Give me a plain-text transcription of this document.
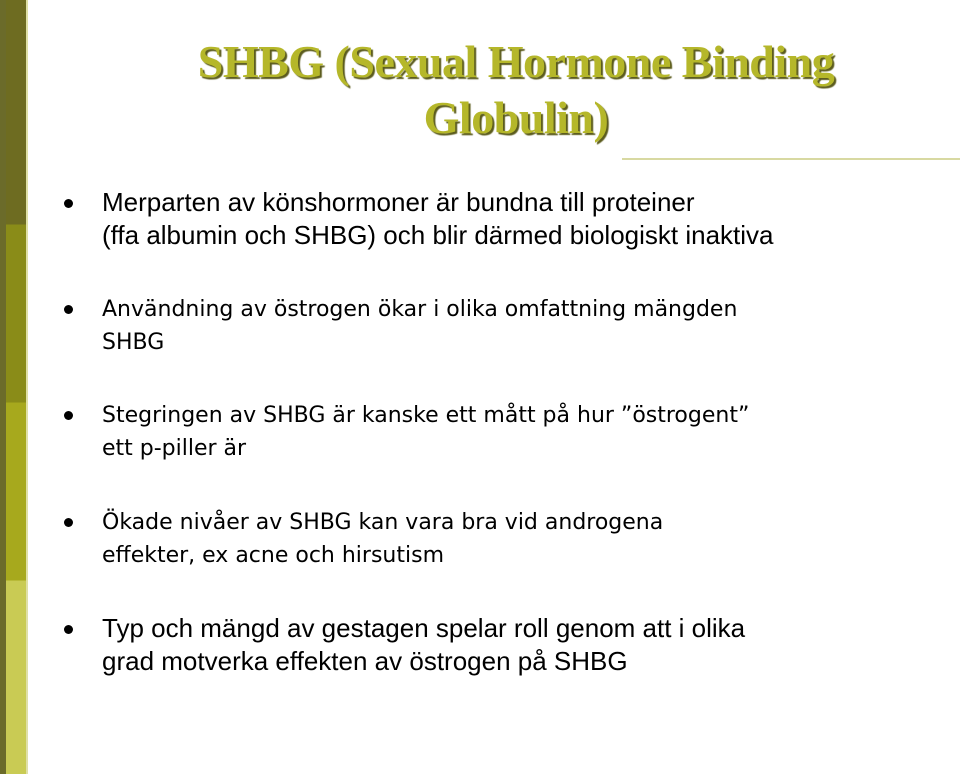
SHBG (Sexual Hormone Binding Globulin)

Merparten av könshormoner är bundna till proteiner
(ffa albumin och SHBG) och blir därmed biologiskt inaktiva

Användning av östrogen ökar i olika omfattning mängden
SHBG

Stegringen av SHBG är kanske ett mått på hur ”östrogent”
ett p-piller är

Ökade nivåer av SHBG kan vara bra vid androgena
effekter, ex acne och hirsutism

Typ och mängd av gestagen spelar roll genom att i olika
grad motverka effekten av östrogen på SHBG
